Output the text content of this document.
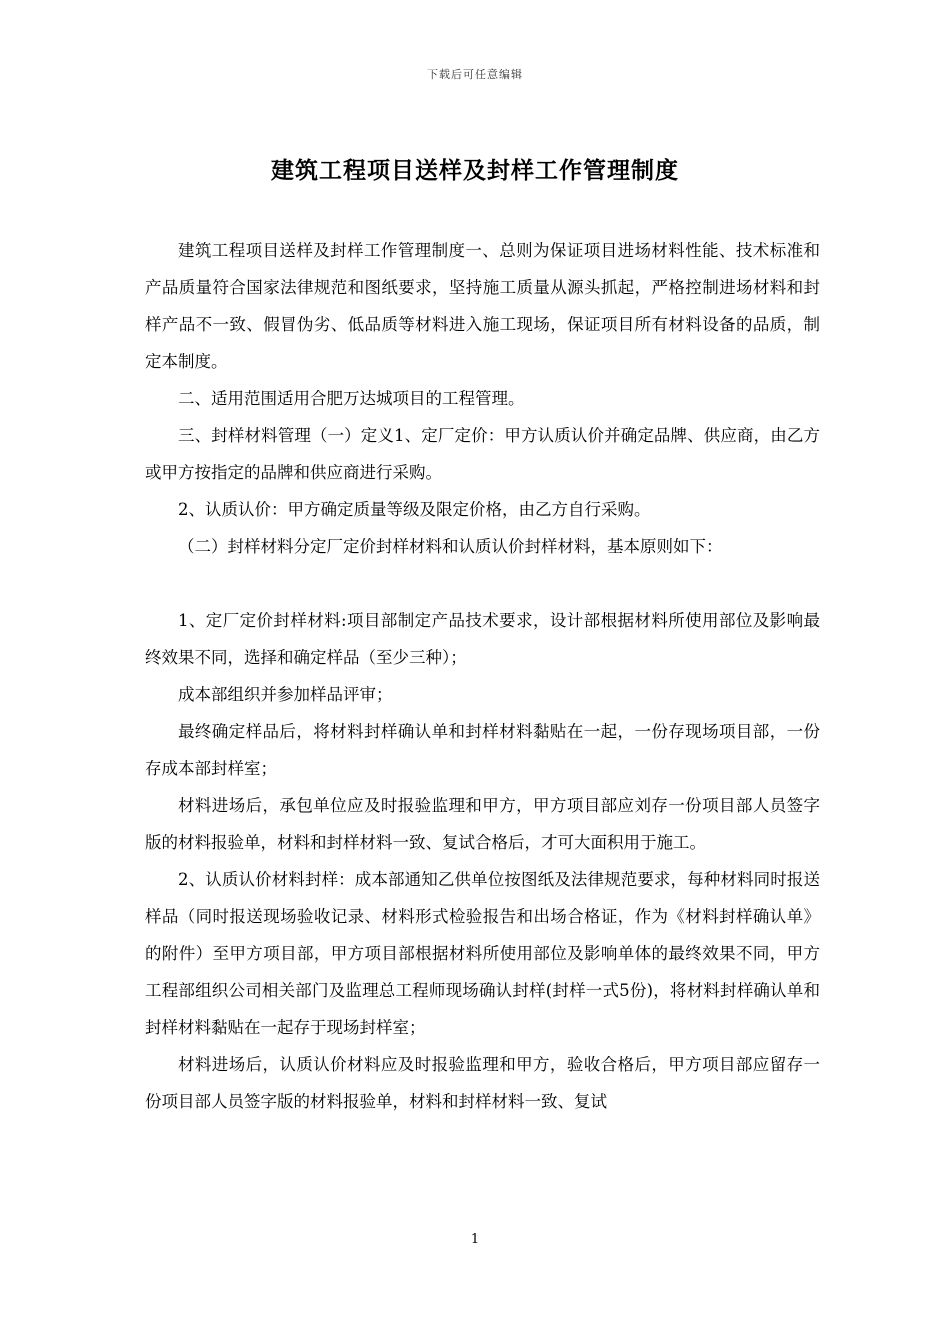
下载后可任意编辑
建筑工程项目送样及封样工作管理制度

建筑工程项目送样及封样工作管理制度一、总则为保证项目进场材料性能、技术标准和产品质量符合国家法律规范和图纸要求，坚持施工质量从源头抓起，严格控制进场材料和封样产品不一致、假冒伪劣、低品质等材料进入施工现场，保证项目所有材料设备的品质，制定本制度。

二、适用范围适用合肥万达城项目的工程管理。

三、封样材料管理（一）定义1、定厂定价：甲方认质认价并确定品牌、供应商，由乙方或甲方按指定的品牌和供应商进行采购。

2、认质认价：甲方确定质量等级及限定价格，由乙方自行采购。

（二）封样材料分定厂定价封样材料和认质认价封样材料，基本原则如下：

1、定厂定价封样材料:项目部制定产品技术要求，设计部根据材料所使用部位及影响最终效果不同，选择和确定样品（至少三种）；

成本部组织并参加样品评审；

最终确定样品后，将材料封样确认单和封样材料黏贴在一起，一份存现场项目部，一份存成本部封样室；

材料进场后，承包单位应及时报验监理和甲方，甲方项目部应刘存一份项目部人员签字版的材料报验单，材料和封样材料一致、复试合格后，才可大面积用于施工。

2、认质认价材料封样：成本部通知乙供单位按图纸及法律规范要求，每种材料同时报送样品（同时报送现场验收记录、材料形式检验报告和出场合格证，作为《材料封样确认单》的附件）至甲方项目部，甲方项目部根据材料所使用部位及影响单体的最终效果不同，甲方工程部组织公司相关部门及监理总工程师现场确认封样(封样一式5份)，将材料封样确认单和封样材料黏贴在一起存于现场封样室；

材料进场后，认质认价材料应及时报验监理和甲方，验收合格后，甲方项目部应留存一份项目部人员签字版的材料报验单，材料和封样材料一致、复试

1
